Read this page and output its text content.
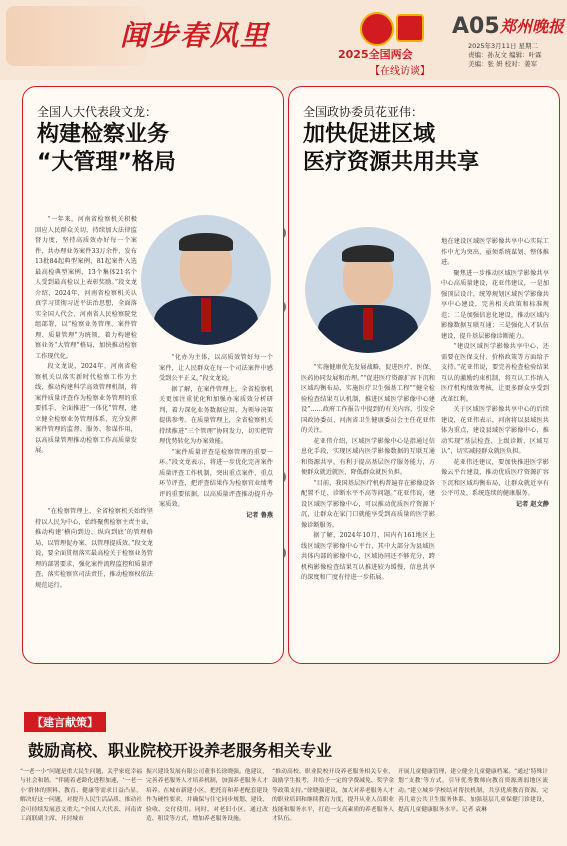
闻步春风里
2025全国两会
【在线访谈】
A05 郑州晚报
2025年3月11日 星期二
责编：孙友文 编辑：叶霖
美编：张 妍 校对：姜军
全国人大代表段文龙：
构建检察业务
“大管理”格局

“一年来，河南省检察机关积极回应人民群众关切，持续加大法律监督力度，坚持高质效办好每一个案件，共办理业务案件33万余件，发布13批84起典型案例，81起案件入选最高检典型案例，13个集体21名个人受到最高检以上表彰奖励。”段文龙介绍，2024年，河南省检察机关认真学习贯彻习近平法治思想，全面落实全国人代会、河南省人民检察院党组部署，以“检察业务管理、案件管理、质量管理”为统领，着力构建检察业务“大管理”格局，加快推动检察工作现代化。

段文龙说，2024年，河南省检察机关以落实新时代检察工作为主线，推动构建科学高效管理机制，将案件质量评查作为检察业务管理的重要抓手，全面推进“一体化”管理，建立健全检察业务管理体系，充分发挥案件管理的监督、服务、参谋作用，以高质量管理推动检察工作高质量发展。

“在检察管理上，全省检察机关始终坚持以人民为中心，始终聚焦检察主责主业，推动构建‘横向到边、纵向到底’的管理格局，以管理促办案、以管理提质效。”段文龙说，要全面贯彻落实最高检关于检察业务管理的部署要求，强化案件流程监控和质量评查，落实检察官司法责任，推动检察权依法规范运行。

“化办为主体，以高质效管好每一个案件，让人民群众在每一个司法案件中感受到公平正义。”段文龙说。

据了解，在案件管理上，全省检察机关更加注重优化和加强办案质效分析研判，着力深化业务数据应用，为领导决策提供参考。在质量管理上，全省检察机关持续推进“三个管理”协同发力，切实把管理优势转化为办案效能。

“案件质量评查是检察管理的重要一环。”段文龙表示，将进一步优化完善案件质量评查工作机制，突出重点案件、重点环节评查，把评查结果作为检察官业绩考评的重要依据，以高质量评查推动提升办案质效。

记者 鲁燕

全国政协委员花亚伟：
加快促进区域
医疗资源共用共享

“实施健康优先发展战略，促进医疗、医保、医药协同发展和治理。”“促进医疗资源扩容下沉和区域均衡布局，实施医疗卫生强基工程”“健全检验检查结果互认机制，推进区域医学影像中心建设”……政府工作报告中提到的有关内容，引发全国政协委员、河南省卫生健康委员会主任花亚伟的关注。

花亚伟介绍，区域医学影像中心是指通过信息化手段，实现区域内医学影像数据的互联互通和资源共享，有利于提高基层医疗服务能力，方便群众就近就医，降低群众就医负担。

“目前，我国基层医疗机构普遍存在影像设备配置不足、诊断水平不高等问题。”花亚伟说，建设区域医学影像中心，可以推动优质医疗资源下沉，让群众在家门口就能享受到高质量的医学影像诊断服务。

据了解，2024年10月，国内有161地区上线区域医学影像中心平台，其中大部分为县域医共体内部的影像中心，区域协同还不够充分，跨机构影像检查结果互认推进较为缓慢，信息共享的深度和广度有待进一步拓展。

地在建设区域医学影像共享中心实际工作中尤为突出，亟须系统谋划、整体推进。

聚焦进一步推动区域医学影像共享中心高质量建设，花亚伟建议，一是加强顶层设计，统筹规划区域医学影像共享中心建设，完善相关政策和标准规范；二是加强信息化建设，推动区域内影像数据互联互通；三是强化人才队伍建设，提升基层影像诊断能力。

“建设区域医学影像共享中心，还需要在医保支付、价格政策等方面给予支持。”花亚伟说，要完善检查检验结果互认的激励约束机制，将互认工作纳入医疗机构绩效考核，让更多群众享受到改革红利。

关于区域医学影像共享中心的后续建设，花亚伟表示，河南将以县域医共体为重点，建设县域医学影像中心，推动实现“基层检查、上级诊断、区域互认”，切实减轻群众就医负担。

花亚伟还建议，要加快推进医学影像云平台建设，推动优质医疗资源扩容下沉和区域均衡布局，让群众就近享有公平可及、系统连续的健康服务。

记者 赵文静

【建言献策】
鼓励高校、职业院校开设养老服务相关专业
“一老一小”问题是重大民生问题，关乎家庭幸福与社会和谐。“伴随着老龄化进程加速，‘一老一小’群体的照料、教育、健康等需求日益凸显，解决好这一问题，对提升人民生活品质、推动社会可持续发展意义重大。”全国人大代表、河南省工商联副主席、开封城市
振兴建设发展有限公司董事长徐晓强。他建议，完善养老服务人才培养机制，加强养老服务人才培养。在城市新建小区，把托育和养老配套建设作为硬性要求，并确保与住宅同步规划、建设、验收、交付使用。同时，对老旧小区，通过改造、租赁等方式，增加养老服务设施。
“推动高校、职业院校开设养老服务相关专业，鼓励学生报考，并给予一定的学费减免、奖学金等政策支持。”徐晓强建议，加大对养老服务人才的职业培训和继续教育力度，提升从业人员职业技能和服务水平，打造一支高素质的养老服务人才队伍。
开展儿童健康管理，建立健全儿童健康档案。“通过‘特殊计划’‘支教’等方式，引导优秀教师向教育资源薄弱地区流动。”建立城乡学校结对帮扶机制，共享优质教育资源，完善儿童公共卫生服务体系，加强基层儿童保健门诊建设，提高儿童健康服务水平。记者 袁琳
